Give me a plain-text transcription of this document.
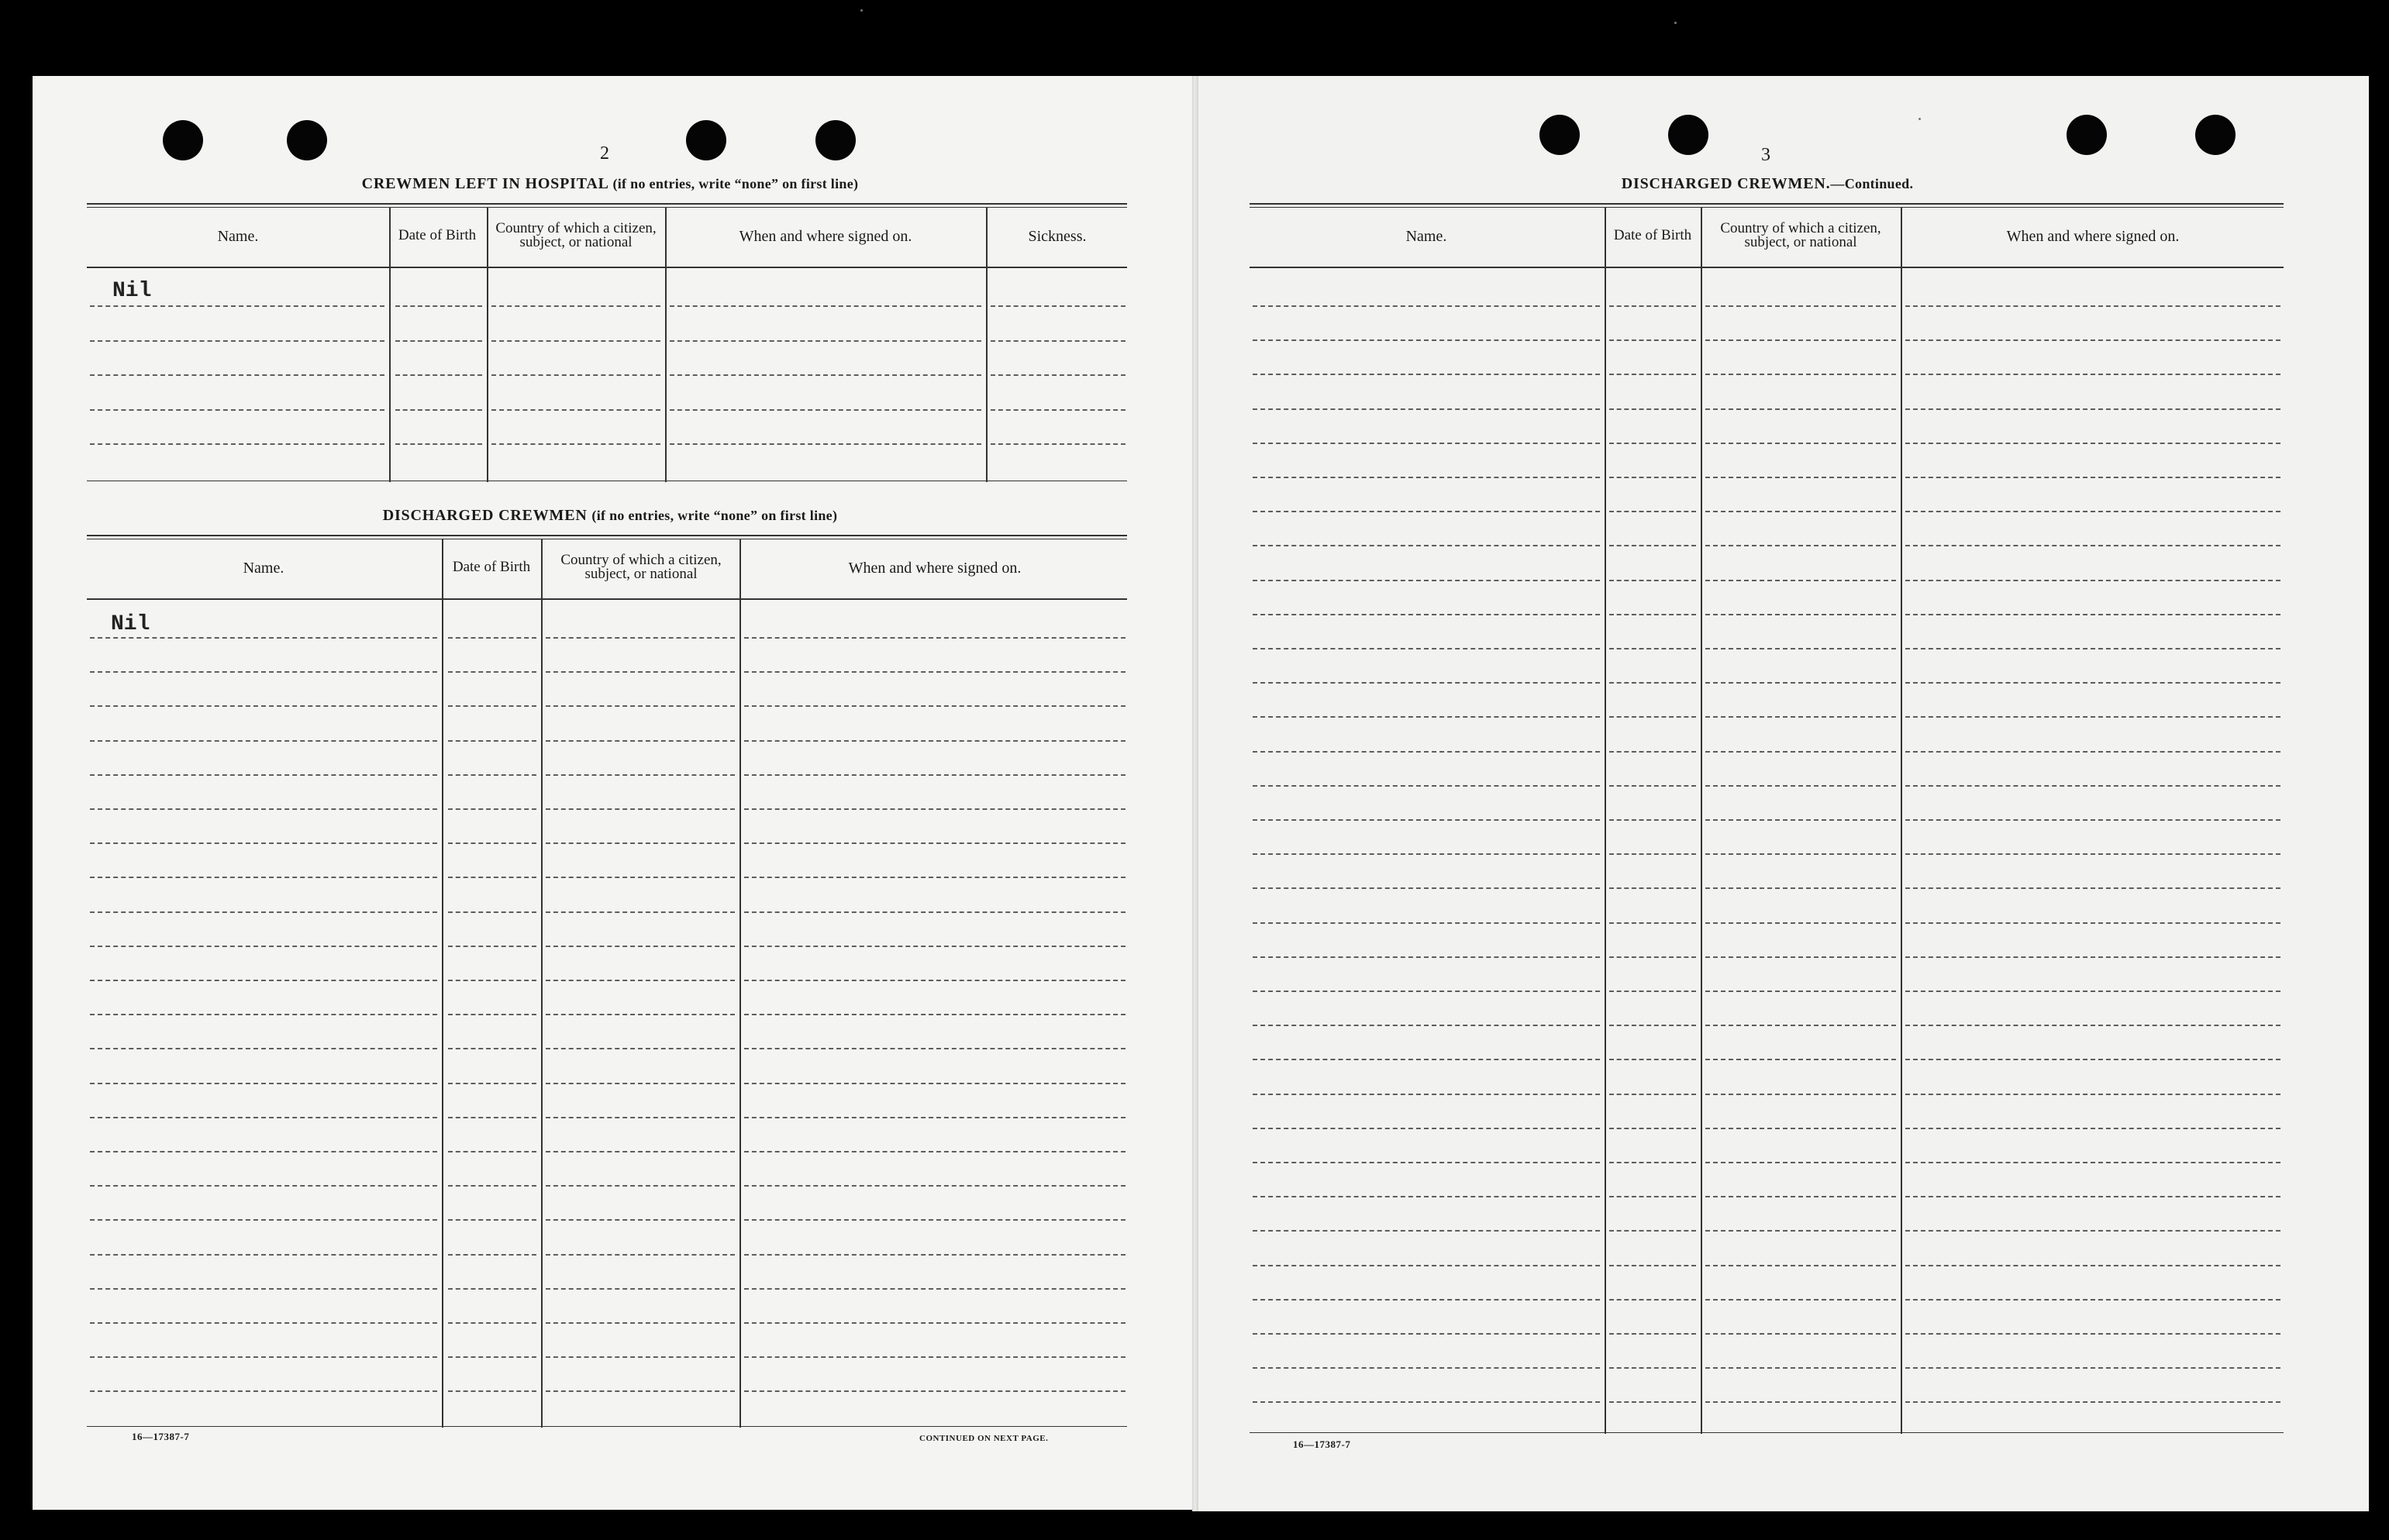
2
CREWMEN LEFT IN HOSPITAL (if no entries, write “none” on first line)
Name.	Date of Birth	Country of which a citizen, subject, or national	When and where signed on.	Sickness.
Nil
DISCHARGED CREWMEN (if no entries, write “none” on first line)
Name.	Date of Birth	Country of which a citizen, subject, or national	When and where signed on.
Nil
16—17387-7	CONTINUED ON NEXT PAGE.
3
DISCHARGED CREWMEN.—Continued.
Name.	Date of Birth	Country of which a citizen, subject, or national	When and where signed on.
16—17387-7
